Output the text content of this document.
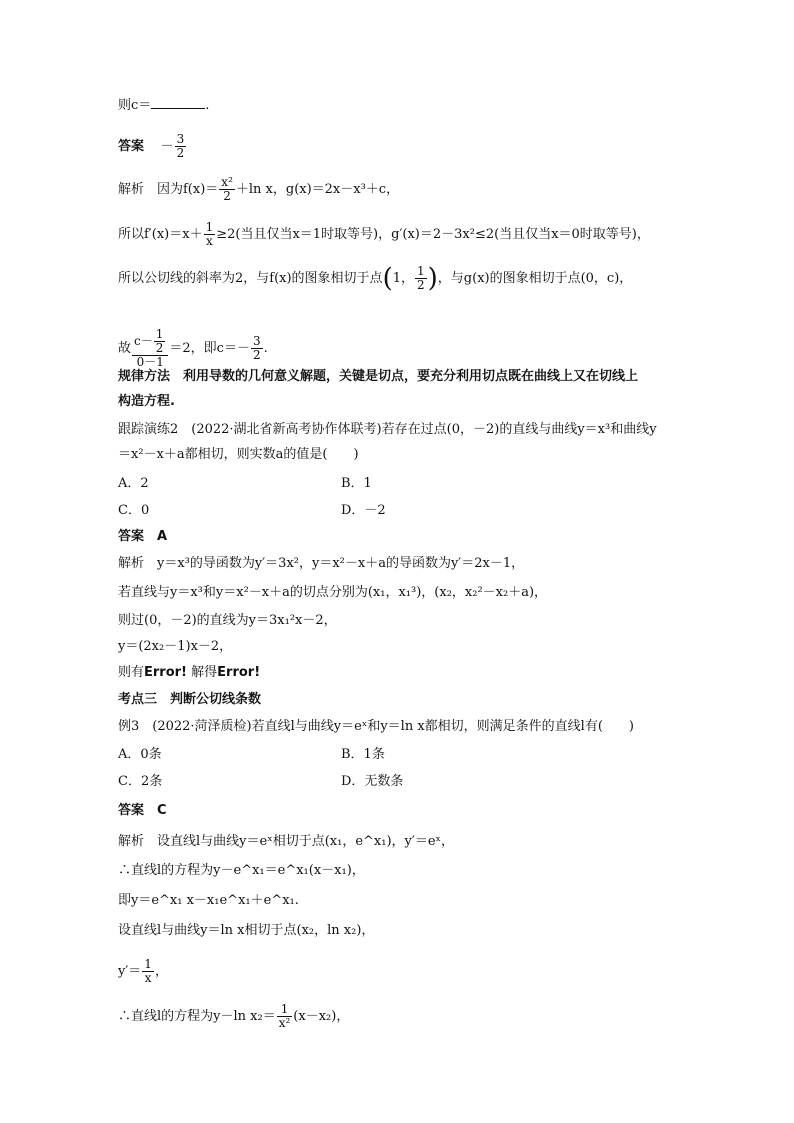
则c＝	.
答案 － $\frac{3}{2}$
解析　因为$f(x)= \frac{\text{x²}}{2} +\ln$ x，g(x)＝2x－x³＋c，
所以$f'(x)=x+ \frac{1}{x} \ge 2$(当且仅当x＝1时取等号)，g′(x)＝2－3x²≤2(当且仅当x＝0时取等号)，
所以公切线的斜率为2，与f(x)的图象相切于点(1， $\frac{1}{2}$ )，与g(x)的图象相切于点(0，c)，
故 $\frac{c- \frac{1}{2}}{0-1} =2$，即$c=- \frac{3}{2}$ .
规律方法　利用导数的几何意义解题，关键是切点，要充分利用切点既在曲线上又在切线上
构造方程.
跟踪演练2　(2022·湖北省新高考协作体联考)若存在过点(0，－2)的直线与曲线y＝x³和曲线y
＝x²－x＋a都相切，则实数a的值是(　　)
A．2	B．1
C．0	D．－2
答案　A
解析　y＝x³的导函数为y′＝3x²，y＝x²－x＋a的导函数为y′＝2x－1，
若直线与y＝x³和y＝x²－x＋a的切点分别为(x₁，x₁³)，(x₂，x₂²－x₂＋a)，
则过(0，－2)的直线为y＝3x₁²x－2，
y＝(2x₂－1)x－2，
则有Error! 解得Error!
考点三　判断公切线条数
例3　(2022·菏泽质检)若直线l与曲线y＝eˣ和y＝ln x都相切，则满足条件的直线l有(　　)
A．0条	B．1条
C．2条	D．无数条
答案　C
解析　设直线l与曲线y＝eˣ相切于点(x₁，e^x₁)，y′＝eˣ，
∴直线l的方程为y－e^x₁＝e^x₁(x－x₁)，
即y＝e^x₁ x－x₁e^x₁＋e^x₁.
设直线l与曲线y＝ln x相切于点(x₂，ln x₂)，
$y'= \frac{1}{x}$ ，
∴直线l的方程为y－ln $x_2= \frac{1}{\text{x²}} (x-x_2)$，
